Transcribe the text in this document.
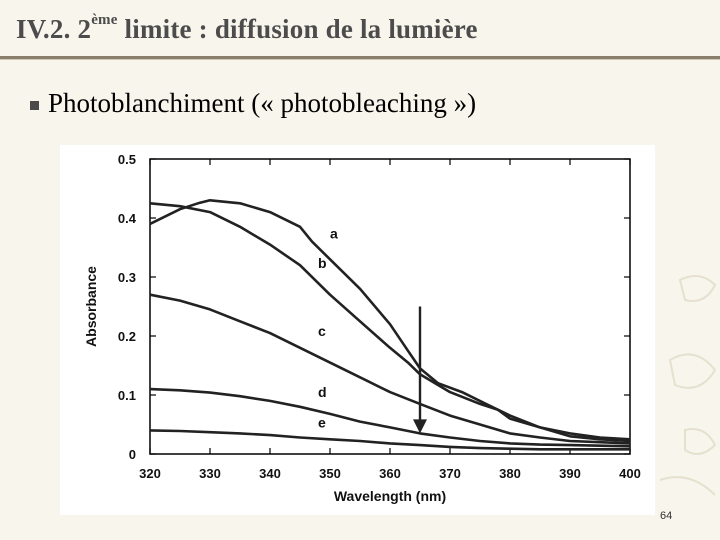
IV.2. 2ème limite : diffusion de la lumière
Photoblanchiment (« photobleaching »)
320	330	340	350	360	370	380	390	400
0
0.1
0.2
0.3
0.4
0.5
Wavelength (nm)
Absorbance
a
b
c
d
e
64
